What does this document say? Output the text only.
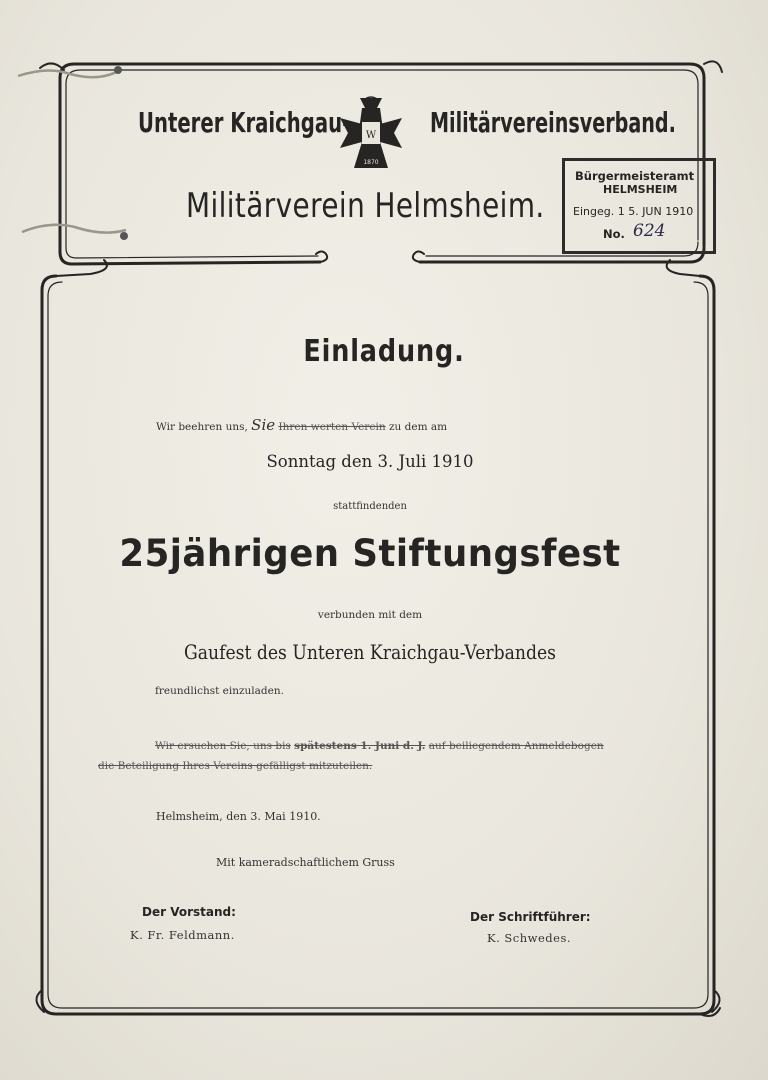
W
1870
Unterer Kraichgau-	Militärvereinsverband.
Militärverein Helmsheim.
Bürgermeisteramt
HELMSHEIM
Eingeg. 1 5. JUN 1910
No. 624
Einladung.
Wir beehren uns, Sie Ihren werten Verein zu dem am
Sonntag den 3. Juli 1910
stattfindenden
25jährigen Stiftungsfest
verbunden mit dem
Gaufest des Unteren Kraichgau-Verbandes
freundlichst einzuladen.
Wir ersuchen Sie, uns bis spätestens 1. Juni d. J. auf beiliegendem Anmeldebogen
die Beteiligung Ihres Vereins gefälligst mitzuteilen.
Helmsheim, den 3. Mai 1910.
Mit kameradschaftlichem Gruss
Der Vorstand:
K. Fr. Feldmann.
Der Schriftführer:
K. Schwedes.
